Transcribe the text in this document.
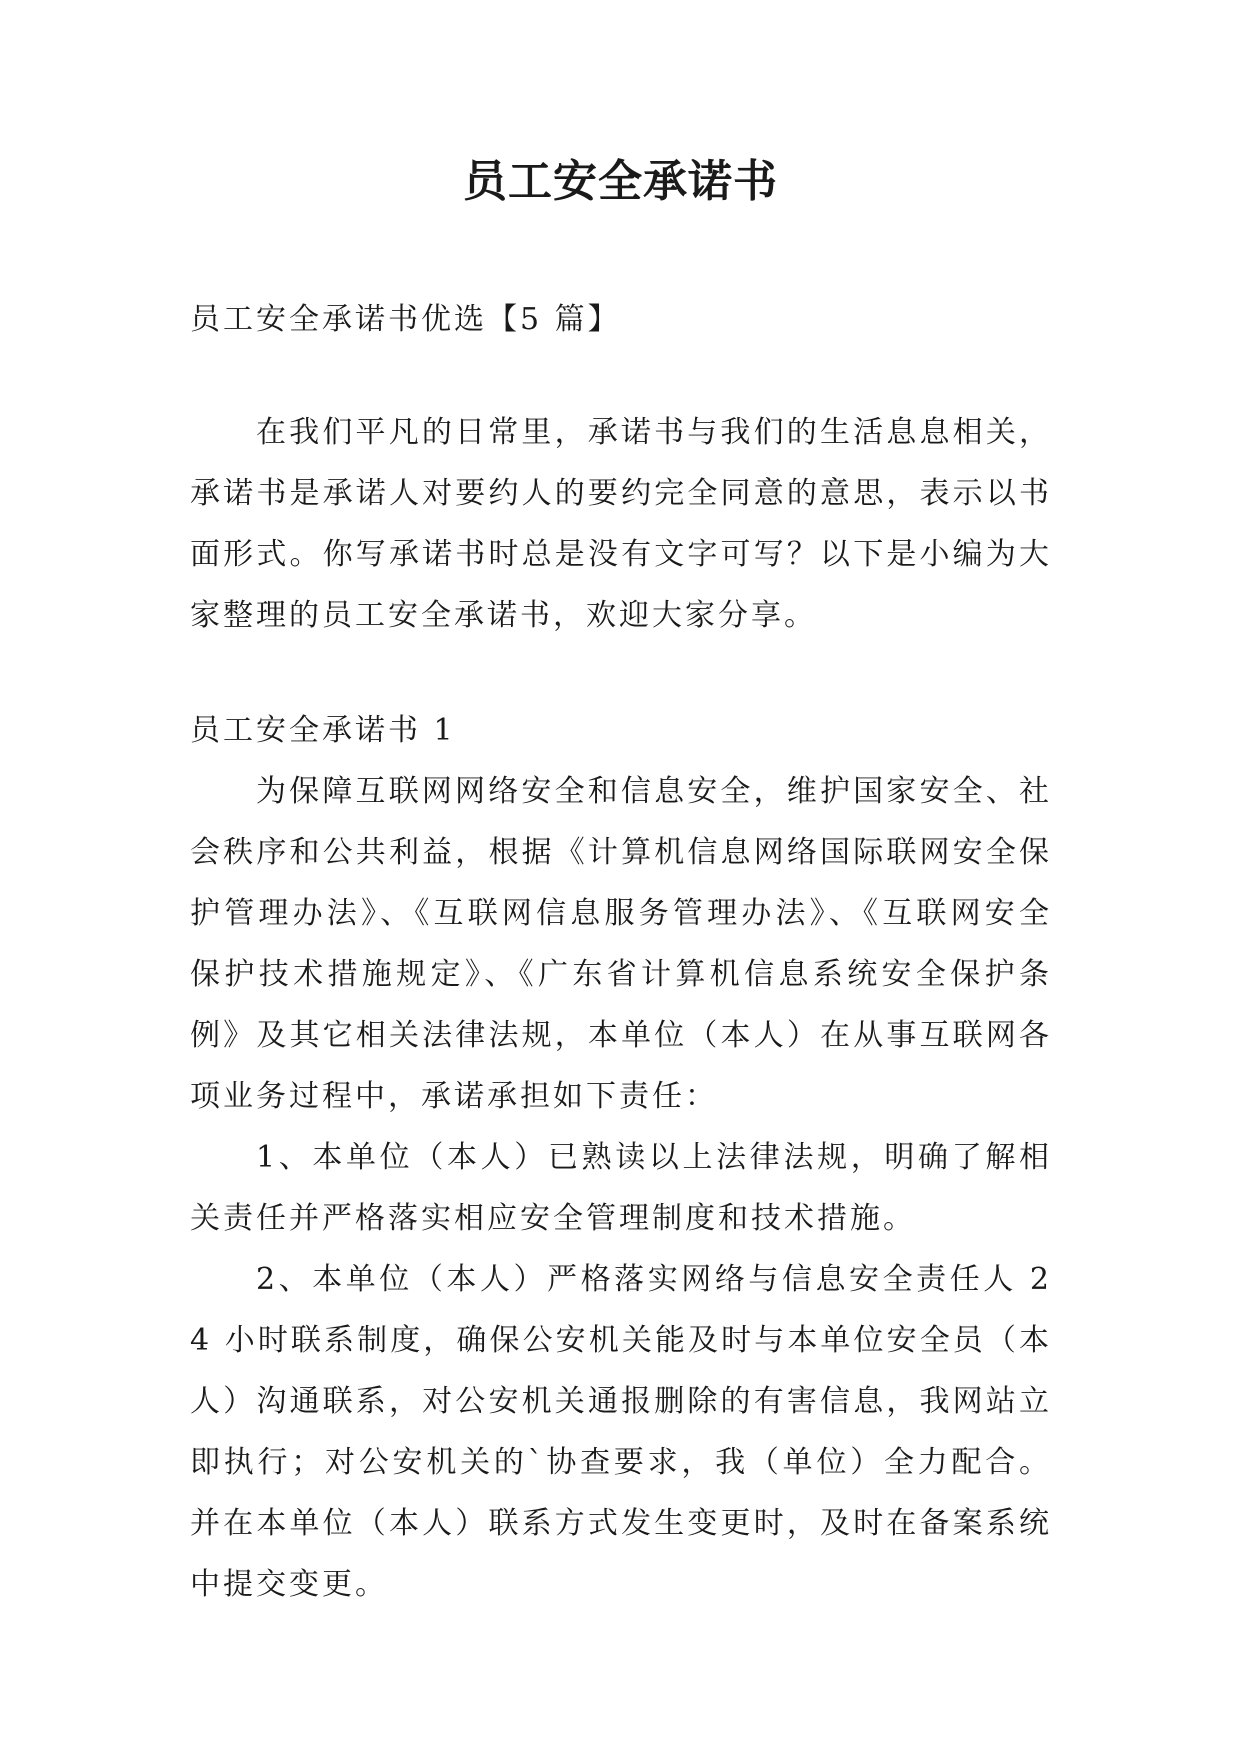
员工安全承诺书
员工安全承诺书优选【5 篇】

在我们平凡的日常里，承诺书与我们的生活息息相关，承诺书是承诺人对要约人的要约完全同意的意思，表示以书面形式。你写承诺书时总是没有文字可写？以下是小编为大家整理的员工安全承诺书，欢迎大家分享。

员工安全承诺书 1

为保障互联网网络安全和信息安全，维护国家安全、社会秩序和公共利益，根据《计算机信息网络国际联网安全保护管理办法》、《互联网信息服务管理办法》、《互联网安全保护技术措施规定》、《广东省计算机信息系统安全保护条例》及其它相关法律法规，本单位（本人）在从事互联网各项业务过程中，承诺承担如下责任：

1、本单位（本人）已熟读以上法律法规，明确了解相关责任并严格落实相应安全管理制度和技术措施。

2、本单位（本人）严格落实网络与信息安全责任人 24 小时联系制度，确保公安机关能及时与本单位安全员（本人）沟通联系，对公安机关通报删除的有害信息，我网站立即执行；对公安机关的`协查要求，我（单位）全力配合。并在本单位（本人）联系方式发生变更时，及时在备案系统中提交变更。
